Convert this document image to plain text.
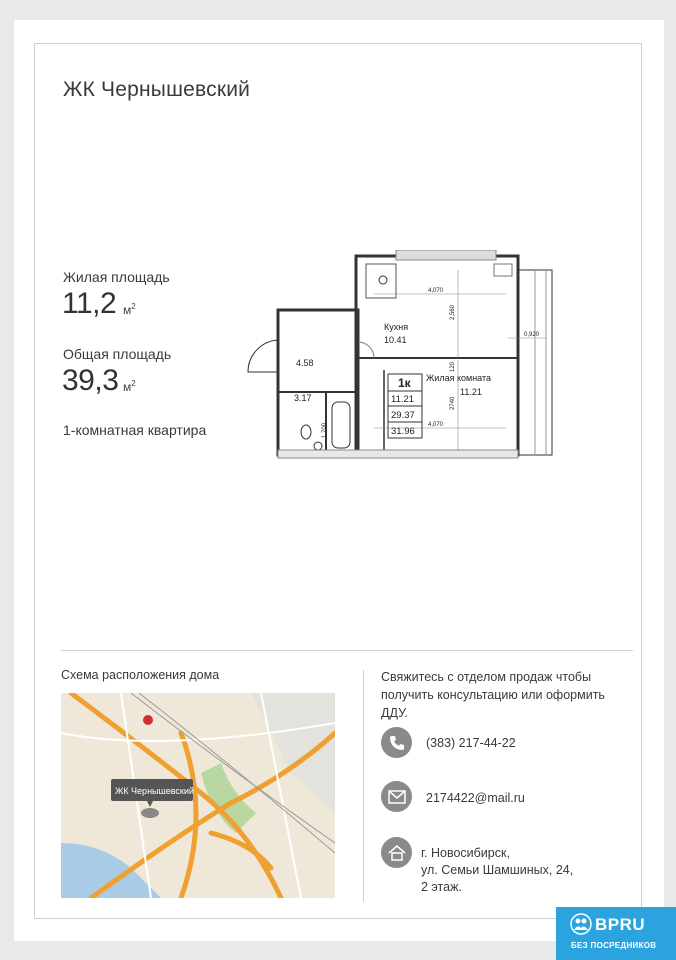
ЖК Чернышевский
Жилая площадь
11,2 $м^2$
Общая площадь
39,3 $м^2$
1-комнатная квартира
Кухня
10.41
4.58
3.17
Жилая комната
11.21
1к
11.21
29.37
31.96
4,070
4,070
2,560
2740
120
0,920
1,700
Схема расположения дома
ЖК Чернышевский
Свяжитесь с отделом продаж чтобы получить консультацию или оформить ДДУ.
(383) 217-44-22
2174422@mail.ru
г. Новосибирск,
ул. Семьи Шамшиных, 24,
2 этаж.
BPRU
БЕЗ ПОСРЕДНИКОВ
